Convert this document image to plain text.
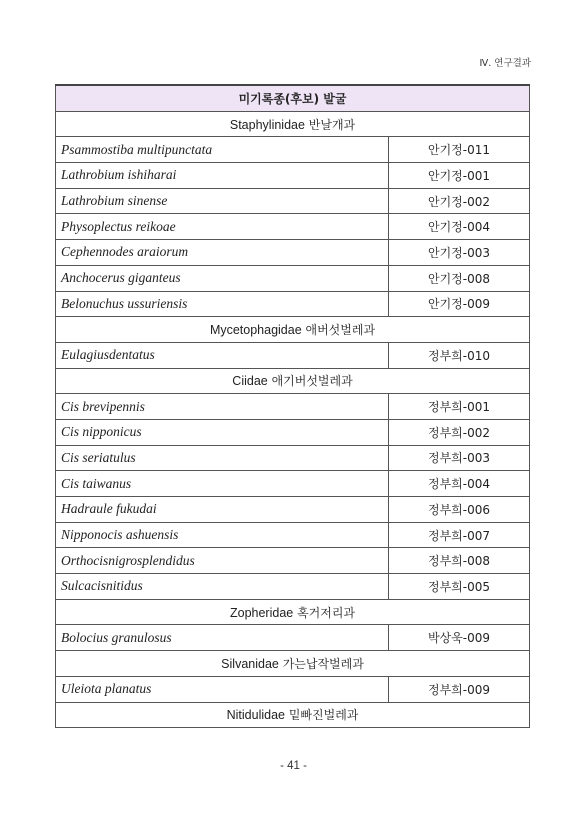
Ⅳ. 연구결과
미기록종(후보) 발굴	
Staphylinidae 반날개과	
Psammostiba multipunctata	안기정-011
Lathrobium ishiharai	안기정-001
Lathrobium sinense	안기정-002
Physoplectus reikoae	안기정-004
Cephennodes araiorum	안기정-003
Anchocerus giganteus	안기정-008
Belonuchus ussuriensis	안기정-009
Mycetophagidae 애버섯벌레과	
Eulagiusdentatus	정부희-010
Ciidae 애기버섯벌레과	
Cis brevipennis	정부희-001
Cis nipponicus	정부희-002
Cis seriatulus	정부희-003
Cis taiwanus	정부희-004
Hadraule fukudai	정부희-006
Nipponocis ashuensis	정부희-007
Orthocisnigrosplendidus	정부희-008
Sulcacisnitidus	정부희-005
Zopheridae 혹거저리과	
Bolocius granulosus	박상욱-009
Silvanidae 가는납작벌레과	
Uleiota planatus	정부희-009
Nitidulidae 밑빠진벌레과	
- 41 -
